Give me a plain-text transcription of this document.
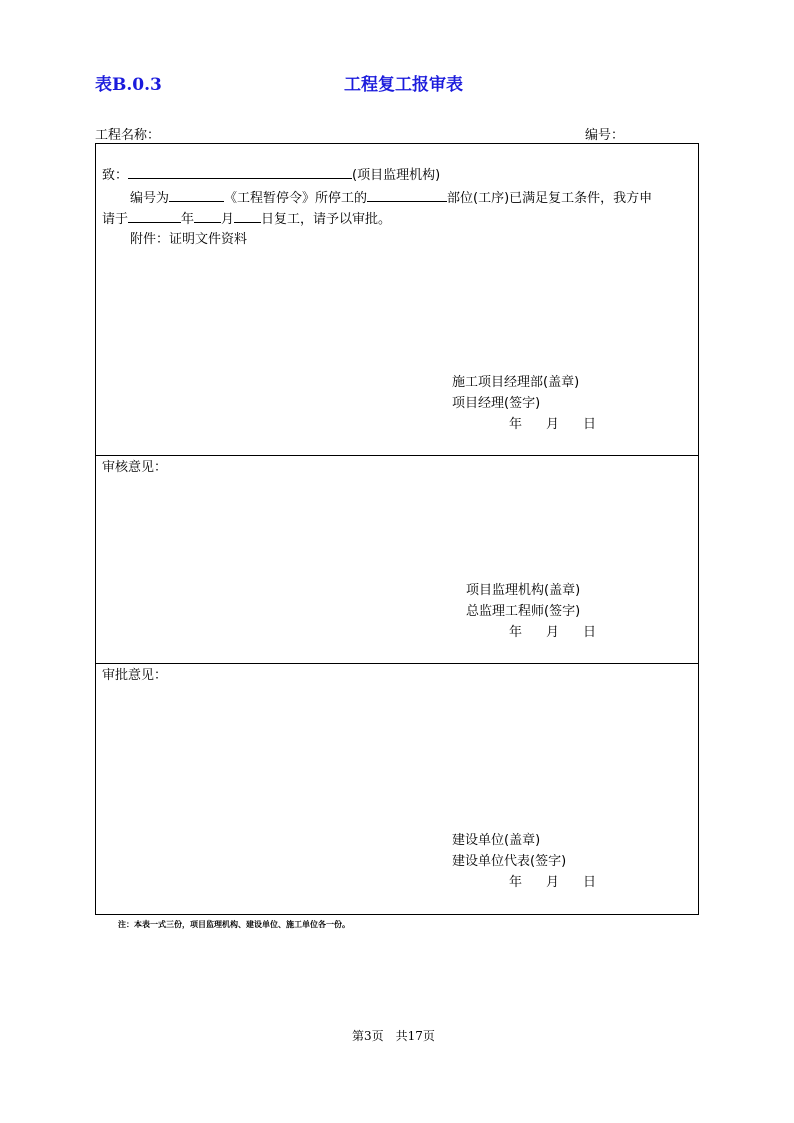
表B.0.3	工程复工报审表
工程名称：	编号：
致：	(项目监理机构)
编号为	《工程暂停令》所停工的	部位(工序)已满足复工条件，我方申
请于	年 月 日复工，请予以审批。
附件：证明文件资料
施工项目经理部(盖章)
项目经理(签字)
年 月 日
审核意见：
项目监理机构(盖章)
总监理工程师(签字)
年 月 日
审批意见：
建设单位(盖章)
建设单位代表(签字)
年 月 日
注：本表一式三份，项目监理机构、建设单位、施工单位各一份。
第3页　共17页
